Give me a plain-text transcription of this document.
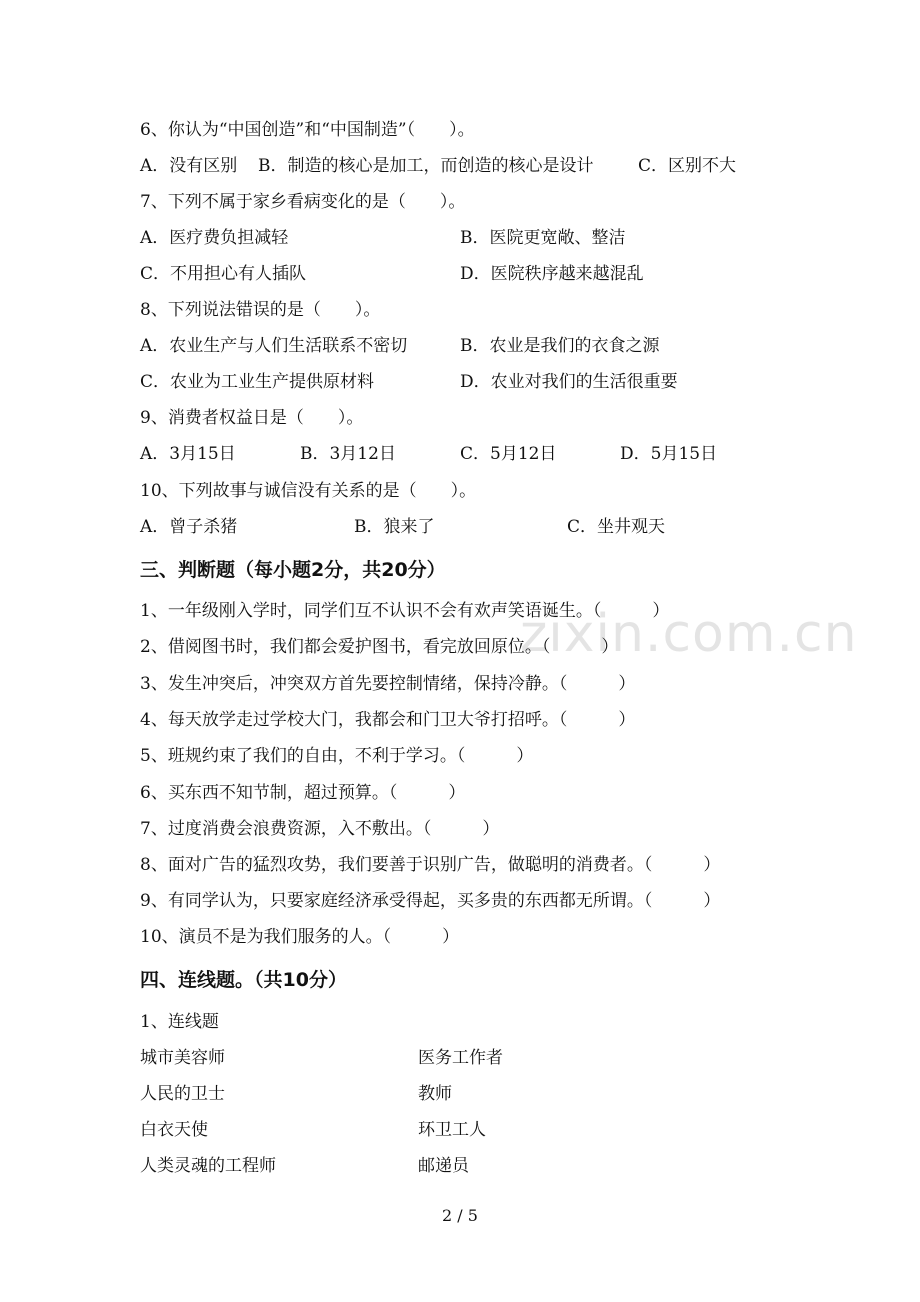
zixin.com.cn
6、你认为“中国创造”和“中国制造”（　　）。
A．没有区别 B．制造的核心是加工，而创造的核心是设计	C．区别不大
7、下列不属于家乡看病变化的是（　　）。
A．医疗费负担减轻	B．医院更宽敞、整洁
C．不用担心有人插队	D．医院秩序越来越混乱
8、下列说法错误的是（　　）。
A．农业生产与人们生活联系不密切	B．农业是我们的衣食之源
C．农业为工业生产提供原材料	D．农业对我们的生活很重要
9、消费者权益日是（　　）。
A．3月15日	B．3月12日	C．5月12日	D．5月15日
10、下列故事与诚信没有关系的是（　　）。
A．曾子杀猪	B．狼来了	C．坐井观天
三、判断题（每小题2分，共20分）
1、一年级刚入学时，同学们互不认识不会有欢声笑语诞生。（　　　）
2、借阅图书时，我们都会爱护图书，看完放回原位。（　　　）
3、发生冲突后，冲突双方首先要控制情绪，保持冷静。（　　　）
4、每天放学走过学校大门，我都会和门卫大爷打招呼。（　　　）
5、班规约束了我们的自由，不利于学习。（　　　）
6、买东西不知节制，超过预算。（　　　）
7、过度消费会浪费资源，入不敷出。（　　　）
8、面对广告的猛烈攻势，我们要善于识别广告，做聪明的消费者。（　　　）
9、有同学认为，只要家庭经济承受得起，买多贵的东西都无所谓。（　　　）
10、演员不是为我们服务的人。（　　　）
四、连线题。（共10分）
1、连线题
城市美容师	医务工作者
人民的卫士	教师
白衣天使	环卫工人
人类灵魂的工程师	邮递员
2 / 5
